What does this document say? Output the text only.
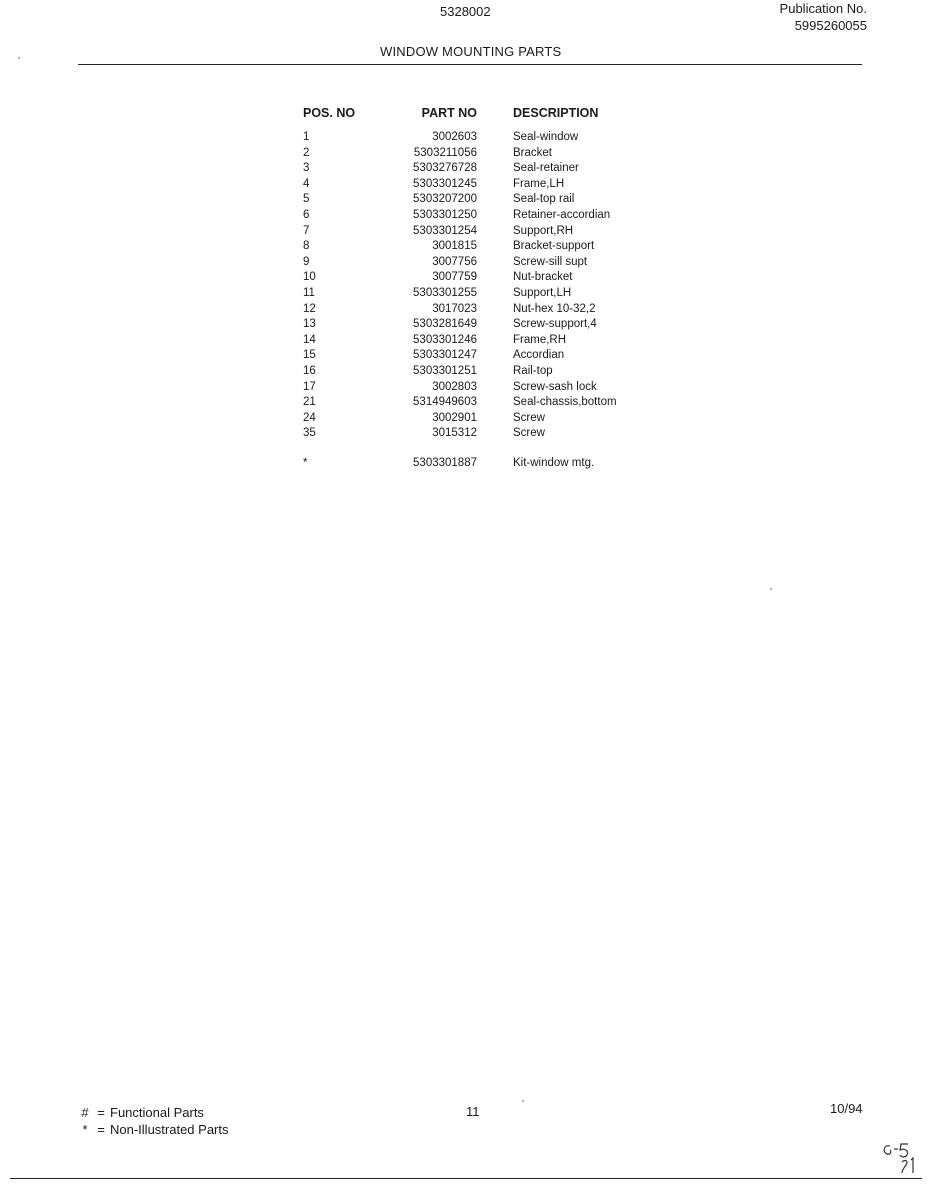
5328002	Publication No.
5995260055
WINDOW MOUNTING PARTS
POS. NO	PART NO	DESCRIPTION
1	3002603	Seal-window
2	5303211056	Bracket
3	5303276728	Seal-retainer
4	5303301245	Frame,LH
5	5303207200	Seal-top rail
6	5303301250	Retainer-accordian
7	5303301254	Support,RH
8	3001815	Bracket-support
9	3007756	Screw-sill supt
10	3007759	Nut-bracket
11	5303301255	Support,LH
12	3017023	Nut-hex 10-32,2
13	5303281649	Screw-support,4
14	5303301246	Frame,RH
15	5303301247	Accordian
16	5303301251	Rail-top
17	3002803	Screw-sash lock
21	5314949603	Seal-chassis,bottom
24	3002901	Screw
35	3015312	Screw
*	5303301887	Kit-window mtg.
# = Functional Parts
* = Non-Illustrated Parts
11	10/94
